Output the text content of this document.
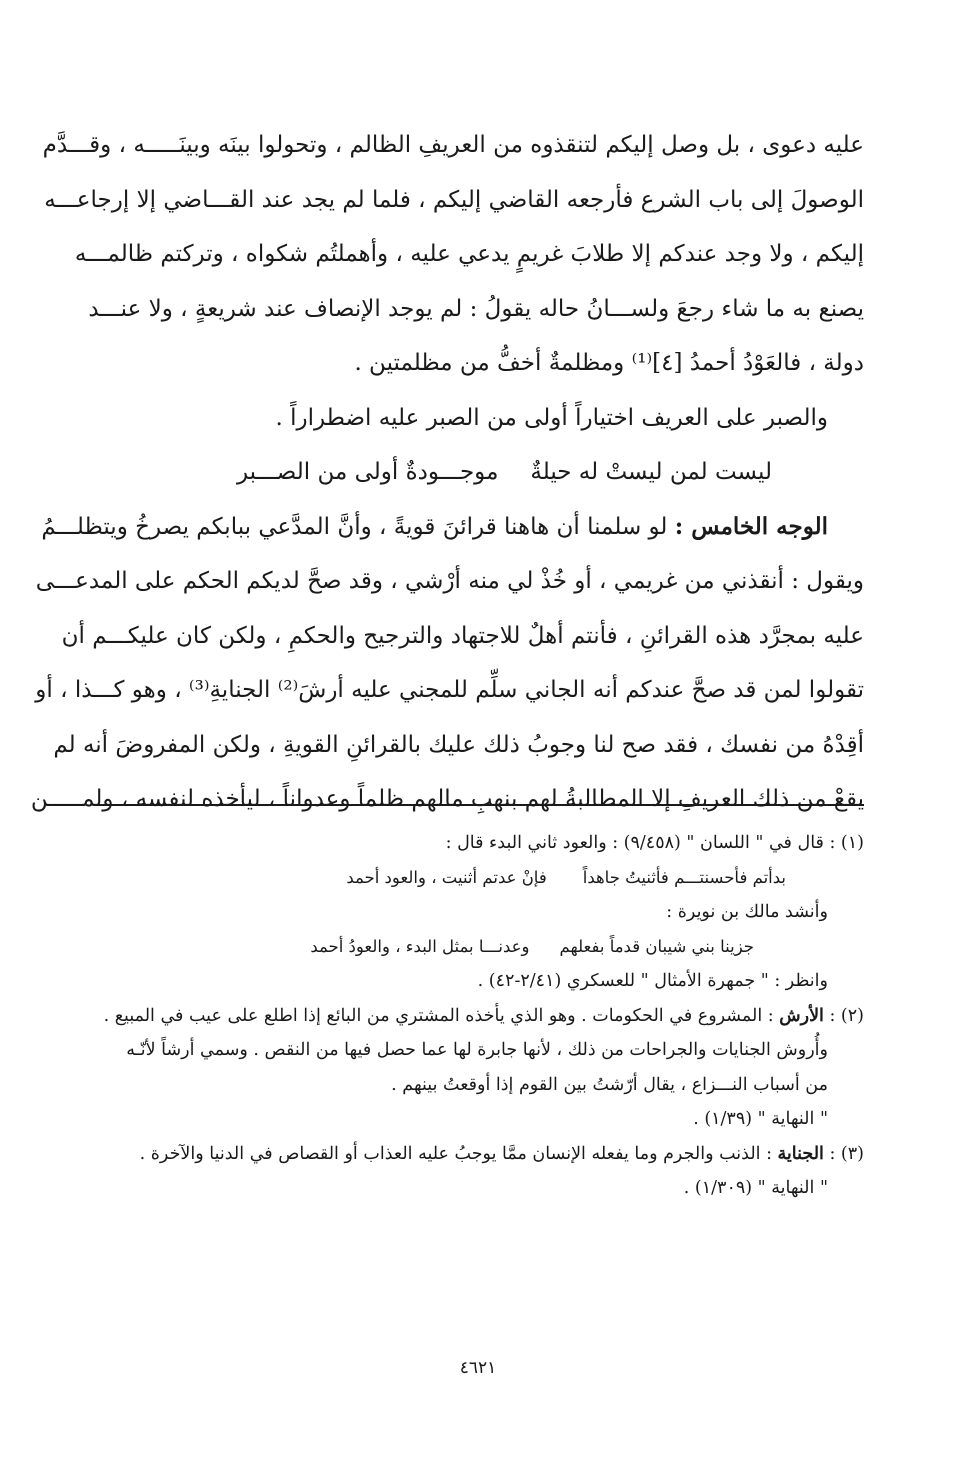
عليه دعوى ، بل وصل إليكم لتنقذوه من العريفِ الظالم ، وتحولوا بينَه وبينَـــــه ، وقـــدَّم
الوصولَ إلى باب الشرع فأرجعه القاضي إليكم ، فلما لم يجد عند القـــاضي إلا إرجاعـــه
إليكم ، ولا وجد عندكم إلا طلابَ غريمٍ يدعي عليه ، وأهملتُم شكواه ، وتركتم ظالمـــه
يصنع به ما شاء رجعَ ولســـانُ حاله يقولُ : لم يوجد الإنصاف عند شريعةٍ ، ولا عنـــد
دولة ، فالعَوْدُ أحمدُ [٤]⁽¹⁾ ومظلمةٌ أخفُّ من مظلمتين .
والصبر على العريف اختياراً أولى من الصبر عليه اضطراراً .
ليست لمن ليستْ له حيلةٌ
موجـــودةٌ أولى من الصـــبر
الوجه الخامس : لو سلمنا أن هاهنا قرائنَ قويةً ، وأنَّ المدَّعي ببابكم يصرخُ ويتظلـــمُ
ويقول : أنقذني من غريمي ، أو خُذْ لي منه أرْشي ، وقد صحَّ لديكم الحكم على المدعـــى
عليه بمجرَّد هذه القرائنِ ، فأنتم أهلٌ للاجتهاد والترجيح والحكمِ ، ولكن كان عليكـــم أن
تقولوا لمن قد صحَّ عندكم أنه الجاني سلِّم للمجني عليه أرشَ⁽²⁾ الجنايةِ⁽³⁾ ، وهو كـــذا ، أو
أقِدْهُ من نفسك ، فقد صح لنا وجوبُ ذلك عليك بالقرائنِ القويةِ ، ولكن المفروضَ أنه لم
يقعْ من ذلك العريفِ إلا المطالبةُ لهم بنهبِ مالهم ظلماً وعدواناً ، ليأخذه لنفسه ، ولمـــــن
(١) : قال في " اللسان " (٩/٤٥٨) : والعود ثاني البدء قال :
بدأتم فأحسنتـــم فأثنيتُ جاهداً
فإنْ عدتم أثنيت ، والعود أحمد
وأنشد مالك بن نويرة :
جزينا بني شيبان قدماً بفعلهم
وعدنـــا بمثل البدء ، والعودُ أحمد
وانظر : " جمهرة الأمثال " للعسكري (٢/٤١-٤٢) .
(٢) : الأرش : المشروع في الحكومات . وهو الذي يأخذه المشتري من البائع إذا اطلع على عيب في المبيع .
وأُروش الجنايات والجراحات من ذلك ، لأنها جابرة لها عما حصل فيها من النقص . وسمي أرشاً لأنّـه
من أسباب النـــزاع ، يقال أرّشتُ بين القوم إذا أوقعتُ بينهم .
" النهاية " (١/٣٩) .
(٣) : الجناية : الذنب والجرم وما يفعله الإنسان ممَّا يوجبُ عليه العذاب أو القصاص في الدنيا والآخرة .
" النهاية " (١/٣٠٩) .
٤٦٢١
